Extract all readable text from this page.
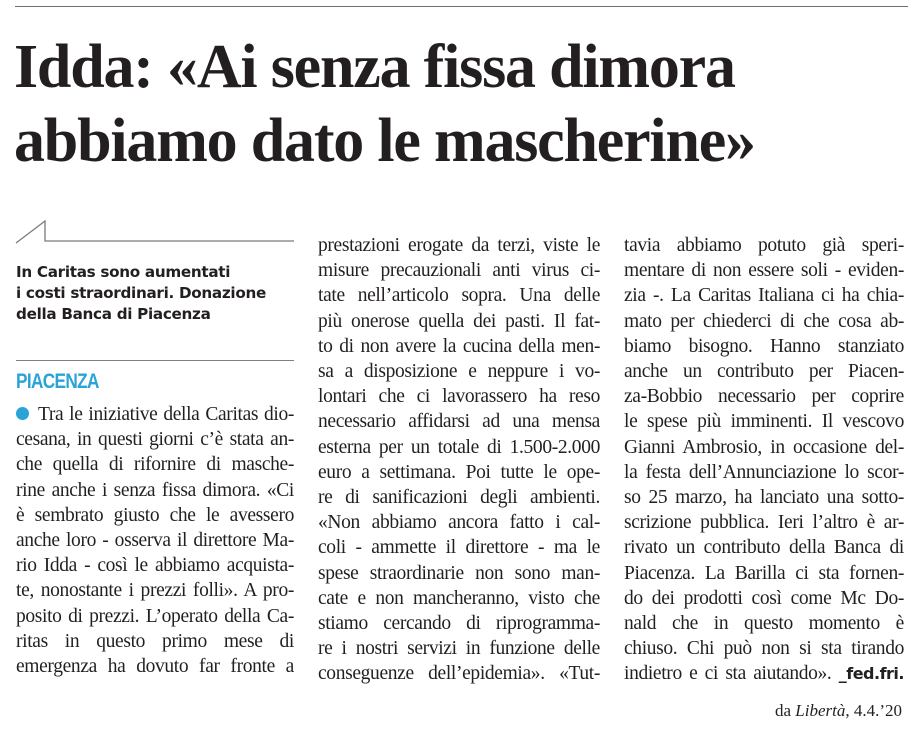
Idda: «Ai senza fissa dimora
abbiamo dato le mascherine»
In Caritas sono aumentati
i costi straordinari. Donazione
della Banca di Piacenza
PIACENZA
Tra le iniziative della Caritas dio-
cesana, in questi giorni c’è stata an-
che quella di rifornire di masche-
rine anche i senza fissa dimora. «Ci
è sembrato giusto che le avessero
anche loro - osserva il direttore Ma-
rio Idda - così le abbiamo acquista-
te, nonostante i prezzi folli». A pro-
posito di prezzi. L’operato della Ca-
ritas in questo primo mese di
emergenza ha dovuto far fronte a
prestazioni erogate da terzi, viste le
misure precauzionali anti virus ci-
tate nell’articolo sopra. Una delle
più onerose quella dei pasti. Il fat-
to di non avere la cucina della men-
sa a disposizione e neppure i vo-
lontari che ci lavorassero ha reso
necessario affidarsi ad una mensa
esterna per un totale di 1.500-2.000
euro a settimana. Poi tutte le ope-
re di sanificazioni degli ambienti.
«Non abbiamo ancora fatto i cal-
coli - ammette il direttore - ma le
spese straordinarie non sono man-
cate e non mancheranno, visto che
stiamo cercando di riprogramma-
re i nostri servizi in funzione delle
conseguenze dell’epidemia». «Tut-
tavia abbiamo potuto già speri-
mentare di non essere soli - eviden-
zia -. La Caritas Italiana ci ha chia-
mato per chiederci di che cosa ab-
biamo bisogno. Hanno stanziato
anche un contributo per Piacen-
za-Bobbio necessario per coprire
le spese più imminenti. Il vescovo
Gianni Ambrosio, in occasione del-
la festa dell’Annunciazione lo scor-
so 25 marzo, ha lanciato una sotto-
scrizione pubblica. Ieri l’altro è ar-
rivato un contributo della Banca di
Piacenza. La Barilla ci sta fornen-
do dei prodotti così come Mc Do-
nald che in questo momento è
chiuso. Chi può non si sta tirando
indietro e ci sta aiutando». _fed.fri.
da Libertà, 4.4.’20
